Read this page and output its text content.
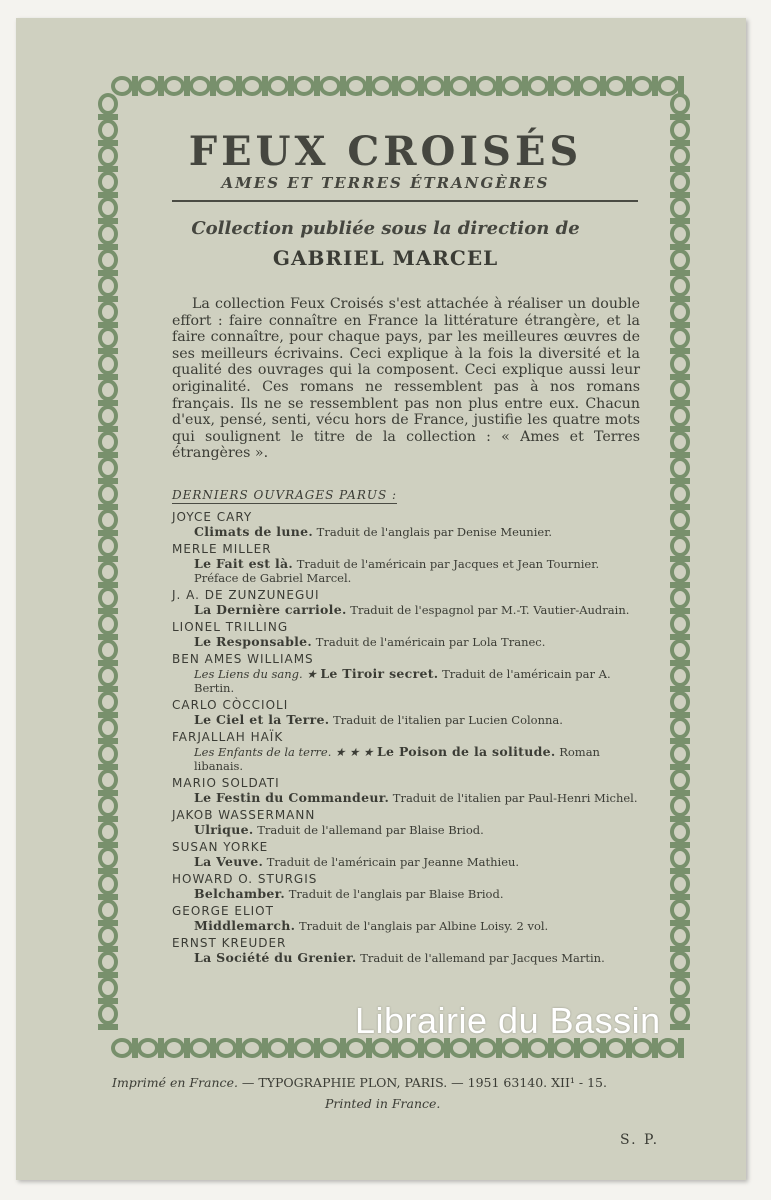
FEUX CROISÉS
AMES ET TERRES ÉTRANGÈRES
Collection publiée sous la direction de
GABRIEL MARCEL

La collection Feux Croisés s'est attachée à réaliser un double effort : faire connaître en France la littérature étrangère, et la faire connaître, pour chaque pays, par les meilleures œuvres de ses meilleurs écrivains. Ceci explique à la fois la diversité et la qualité des ouvrages qui la composent. Ceci explique aussi leur originalité. Ces romans ne ressemblent pas à nos romans français. Ils ne se ressemblent pas non plus entre eux. Chacun d'eux, pensé, senti, vécu hors de France, justifie les quatre mots qui soulignent le titre de la collection : « Ames et Terres étrangères ».

DERNIERS OUVRAGES PARUS :
JOYCE CARY
Climats de lune. Traduit de l'anglais par Denise Meunier.
MERLE MILLER
Le Fait est là. Traduit de l'américain par Jacques et Jean Tournier. Préface de Gabriel Marcel.
J. A. DE ZUNZUNEGUI
La Dernière carriole. Traduit de l'espagnol par M.-T. Vautier-Audrain.
LIONEL TRILLING
Le Responsable. Traduit de l'américain par Lola Tranec.
BEN AMES WILLIAMS
Les Liens du sang. ★ Le Tiroir secret. Traduit de l'américain par A. Bertin.
CARLO CÒCCIOLI
Le Ciel et la Terre. Traduit de l'italien par Lucien Colonna.
FARJALLAH HAÏK
Les Enfants de la terre. ★ ★ ★ Le Poison de la solitude. Roman libanais.
MARIO SOLDATI
Le Festin du Commandeur. Traduit de l'italien par Paul-Henri Michel.
JAKOB WASSERMANN
Ulrique. Traduit de l'allemand par Blaise Briod.
SUSAN YORKE
La Veuve. Traduit de l'américain par Jeanne Mathieu.
HOWARD O. STURGIS
Belchamber. Traduit de l'anglais par Blaise Briod.
GEORGE ELIOT
Middlemarch. Traduit de l'anglais par Albine Loisy. 2 vol.
ERNST KREUDER
La Société du Grenier. Traduit de l'allemand par Jacques Martin.
Imprimé en France. — TYPOGRAPHIE PLON, PARIS. — 1951 63140. XII¹ - 15.
Printed in France.
S. P.
Librairie du Bassin
